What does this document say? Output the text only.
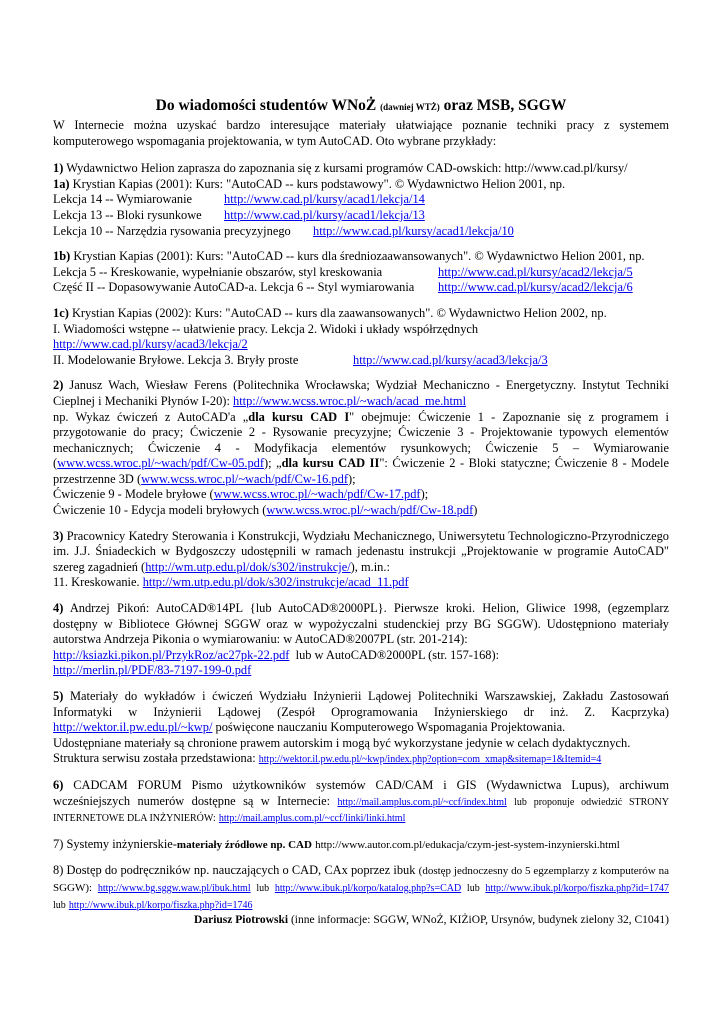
Do wiadomości studentów WNoŻ (dawniej WTŻ) oraz MSB, SGGW

W Internecie można uzyskać bardzo interesujące materiały ułatwiające poznanie techniki pracy z systemem komputerowego wspomagania projektowania, w tym AutoCAD. Oto wybrane przykłady:

1) Wydawnictwo Helion zaprasza do zapoznania się z kursami programów CAD-owskich: http://www.cad.pl/kursy/

1a) Krystian Kapias (2001): Kurs: "AutoCAD -- kurs podstawowy". © Wydawnictwo Helion 2001, np.

Lekcja 14 -- Wymiarowanie	http://www.cad.pl/kursy/acad1/lekcja/14
Lekcja 13 -- Bloki rysunkowe	http://www.cad.pl/kursy/acad1/lekcja/13
Lekcja 10 -- Narzędzia rysowania precyzyjnego	http://www.cad.pl/kursy/acad1/lekcja/10

1b) Krystian Kapias (2001): Kurs: "AutoCAD -- kurs dla średniozaawansowanych". © Wydawnictwo Helion 2001, np.

Lekcja 5 -- Kreskowanie, wypełnianie obszarów, styl kreskowania	http://www.cad.pl/kursy/acad2/lekcja/5
Część II -- Dopasowywanie AutoCAD-a. Lekcja 6 -- Styl wymiarowania	http://www.cad.pl/kursy/acad2/lekcja/6

1c) Krystian Kapias (2002): Kurs: "AutoCAD -- kurs dla zaawansowanych". © Wydawnictwo Helion 2002, np.

I. Wiadomości wstępne -- ułatwienie pracy. Lekcja 2. Widoki i układy współrzędnych

http://www.cad.pl/kursy/acad3/lekcja/2

II. Modelowanie Bryłowe. Lekcja 3. Bryły proste	http://www.cad.pl/kursy/acad3/lekcja/3

2) Janusz Wach, Wiesław Ferens (Politechnika Wrocławska; Wydział Mechaniczno - Energetyczny. Instytut Techniki Cieplnej i Mechaniki Płynów I-20): http://www.wcss.wroc.pl/~wach/acad_me.html

np. Wykaz ćwiczeń z AutoCAD'a „dla kursu CAD I" obejmuje: Ćwiczenie 1 - Zapoznanie się z programem i przygotowanie do pracy; Ćwiczenie 2 - Rysowanie precyzyjne; Ćwiczenie 3 - Projektowanie typowych elementów mechanicznych; Ćwiczenie 4 - Modyfikacja elementów rysunkowych; Ćwiczenie 5 – Wymiarowanie (www.wcss.wroc.pl/~wach/pdf/Cw-05.pdf); „dla kursu CAD II": Ćwiczenie 2 - Bloki statyczne; Ćwiczenie 8 - Modele przestrzenne 3D (www.wcss.wroc.pl/~wach/pdf/Cw-16.pdf);

Ćwiczenie 9 - Modele bryłowe (www.wcss.wroc.pl/~wach/pdf/Cw-17.pdf);

Ćwiczenie 10 - Edycja modeli bryłowych (www.wcss.wroc.pl/~wach/pdf/Cw-18.pdf)

3) Pracownicy Katedry Sterowania i Konstrukcji, Wydziału Mechanicznego, Uniwersytetu Technologiczno-Przyrodniczego im. J.J. Śniadeckich w Bydgoszczy udostępnili w ramach jedenastu instrukcji „Projektowanie w programie AutoCAD" szereg zagadnień (http://wm.utp.edu.pl/dok/s302/instrukcje/), m.in.:

11. Kreskowanie. http://wm.utp.edu.pl/dok/s302/instrukcje/acad_11.pdf

4) Andrzej Pikoń: AutoCAD®14PL {lub AutoCAD®2000PL}. Pierwsze kroki. Helion, Gliwice 1998, (egzemplarz dostępny w Bibliotece Głównej SGGW oraz w wypożyczalni studenckiej przy BG SGGW). Udostępniono materiały autorstwa Andrzeja Pikonia o wymiarowaniu: w AutoCAD®2007PL (str. 201-214):

http://ksiazki.pikon.pl/PrzykRoz/ac27pk-22.pdf lub w AutoCAD®2000PL (str. 157-168):

http://merlin.pl/PDF/83-7197-199-0.pdf

5) Materiały do wykładów i ćwiczeń Wydziału Inżynierii Lądowej Politechniki Warszawskiej, Zakładu Zastosowań Informatyki w Inżynierii Lądowej (Zespół Oprogramowania Inżynierskiego dr inż. Z. Kacprzyka) http://wektor.il.pw.edu.pl/~kwp/ poświęcone nauczaniu Komputerowego Wspomagania Projektowania.

Udostępniane materiały są chronione prawem autorskim i mogą być wykorzystane jedynie w celach dydaktycznych.

Struktura serwisu została przedstawiona: http://wektor.il.pw.edu.pl/~kwp/index.php?option=com_xmap&sitemap=1&Itemid=4

6) CADCAM FORUM Pismo użytkowników systemów CAD/CAM i GIS (Wydawnictwa Lupus), archiwum wcześniejszych numerów dostępne są w Internecie: http://mail.amplus.com.pl/~ccf/index.html lub proponuje odwiedzić STRONY INTERNETOWE DLA INŻYNIERÓW: http://mail.amplus.com.pl/~ccf/linki/linki.html

7) Systemy inżynierskie-materiały źródłowe np. CAD http://www.autor.com.pl/edukacja/czym-jest-system-inzynierski.html

8) Dostęp do podręczników np. nauczających o CAD, CAx poprzez ibuk (dostęp jednoczesny do 5 egzemplarzy z komputerów na SGGW): http://www.bg.sggw.waw.pl/ibuk.html lub http://www.ibuk.pl/korpo/katalog.php?s=CAD lub http://www.ibuk.pl/korpo/fiszka.php?id=1747 lub http://www.ibuk.pl/korpo/fiszka.php?id=1746

Dariusz Piotrowski (inne informacje: SGGW, WNoŻ, KIŻiOP, Ursynów, budynek zielony 32, C1041)
